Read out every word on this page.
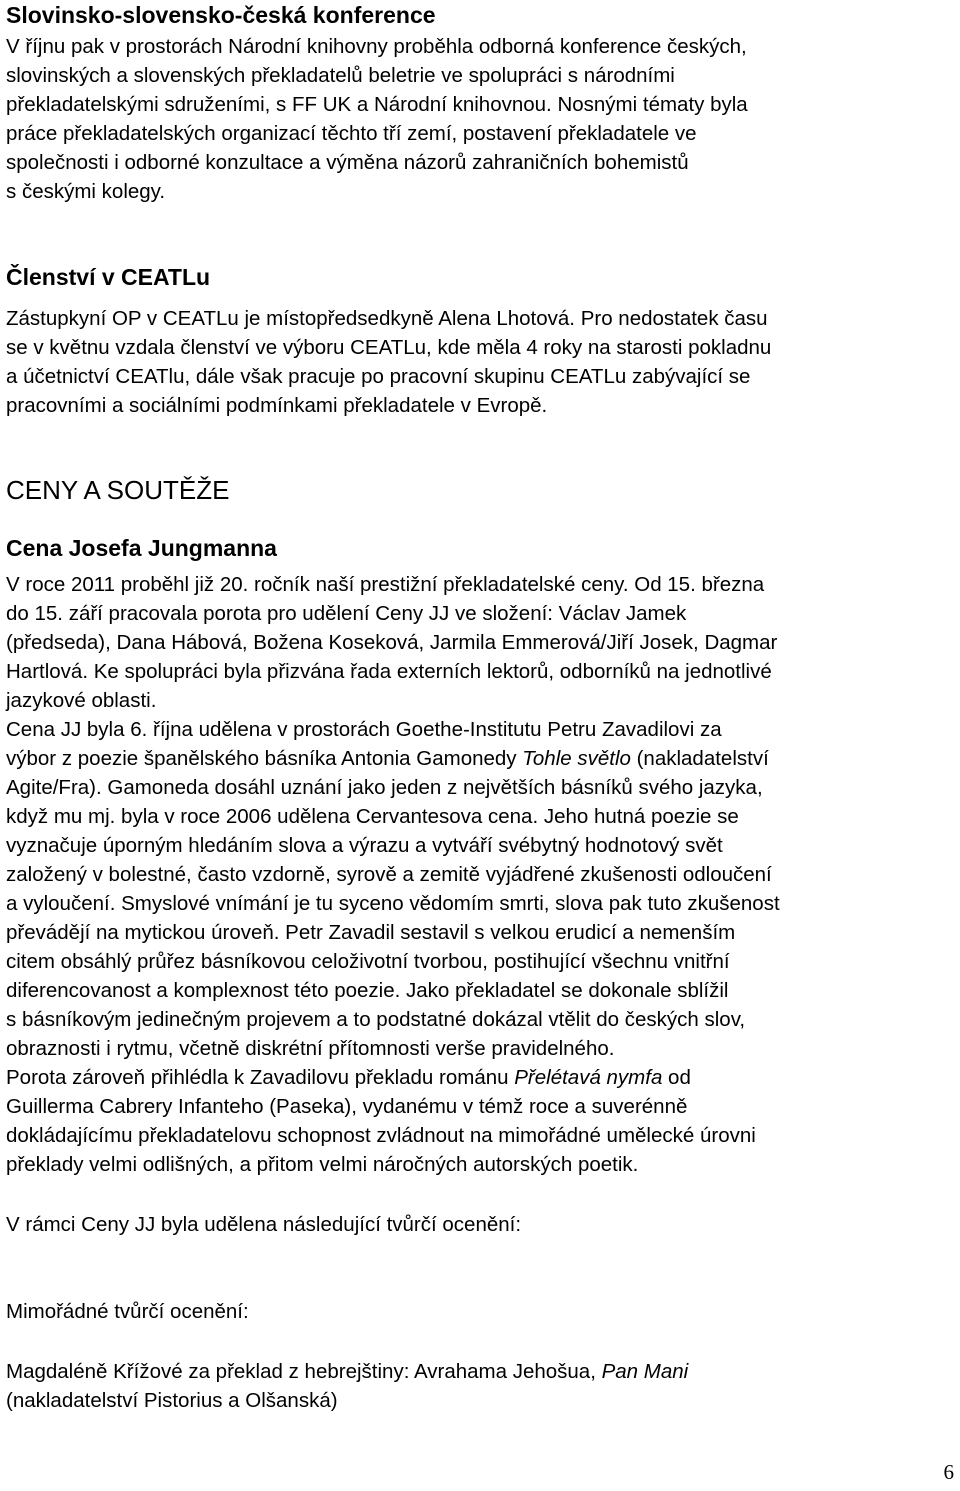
Slovinsko-slovensko-česká konference
V říjnu pak v prostorách Národní knihovny proběhla odborná konference českých,
slovinských a slovenských překladatelů beletrie ve spolupráci s národními
překladatelskými sdruženími, s FF UK a Národní knihovnou. Nosnými tématy byla
práce překladatelských organizací těchto tří zemí, postavení překladatele ve
společnosti i odborné konzultace a výměna názorů zahraničních bohemistů
s českými kolegy.
Členství v CEATLu
Zástupkyní OP v CEATLu je místopředsedkyně Alena Lhotová. Pro nedostatek času
se v květnu vzdala členství ve výboru CEATLu, kde měla 4 roky na starosti pokladnu
a účetnictví CEATlu, dále však pracuje po pracovní skupinu CEATLu zabývající se
pracovními a sociálními podmínkami překladatele v Evropě.
CENY A SOUTĚŽE
Cena Josefa Jungmanna
V roce 2011 proběhl již 20. ročník naší prestižní překladatelské ceny. Od 15. března
do 15. září pracovala porota pro udělení Ceny JJ ve složení: Václav Jamek
(předseda), Dana Hábová, Božena Koseková, Jarmila Emmerová/Jiří Josek, Dagmar
Hartlová. Ke spolupráci byla přizvána řada externích lektorů, odborníků na jednotlivé
jazykové oblasti.
Cena JJ byla 6. října udělena v prostorách Goethe-Institutu Petru Zavadilovi za
výbor z poezie španělského básníka Antonia Gamonedy Tohle světlo (nakladatelství
Agite/Fra). Gamoneda dosáhl uznání jako jeden z největších básníků svého jazyka,
když mu mj. byla v roce 2006 udělena Cervantesova cena. Jeho hutná poezie se
vyznačuje úporným hledáním slova a výrazu a vytváří svébytný hodnotový svět
založený v bolestné, často vzdorně, syrově a zemitě vyjádřené zkušenosti odloučení
a vyloučení. Smyslové vnímání je tu syceno vědomím smrti, slova pak tuto zkušenost
převádějí na mytickou úroveň. Petr Zavadil sestavil s velkou erudicí a nemenším
citem obsáhlý průřez básníkovou celoživotní tvorbou, postihující všechnu vnitřní
diferencovanost a komplexnost této poezie. Jako překladatel se dokonale sblížil
s básníkovým jedinečným projevem a to podstatné dokázal vtělit do českých slov,
obraznosti i rytmu, včetně diskrétní přítomnosti verše pravidelného.
Porota zároveň přihlédla k Zavadilovu překladu románu Přelétavá nymfa od
Guillerma Cabrery Infanteho (Paseka), vydanému v témž roce a suverénně
dokládajícímu překladatelovu schopnost zvládnout na mimořádné umělecké úrovni
překlady velmi odlišných, a přitom velmi náročných autorských poetik.
V rámci Ceny JJ byla udělena následující tvůrčí ocenění:
Mimořádné tvůrčí ocenění:
Magdaléně Křížové za překlad z hebrejštiny: Avrahama Jehošua, Pan Mani
(nakladatelství Pistorius a Olšanská)
6
